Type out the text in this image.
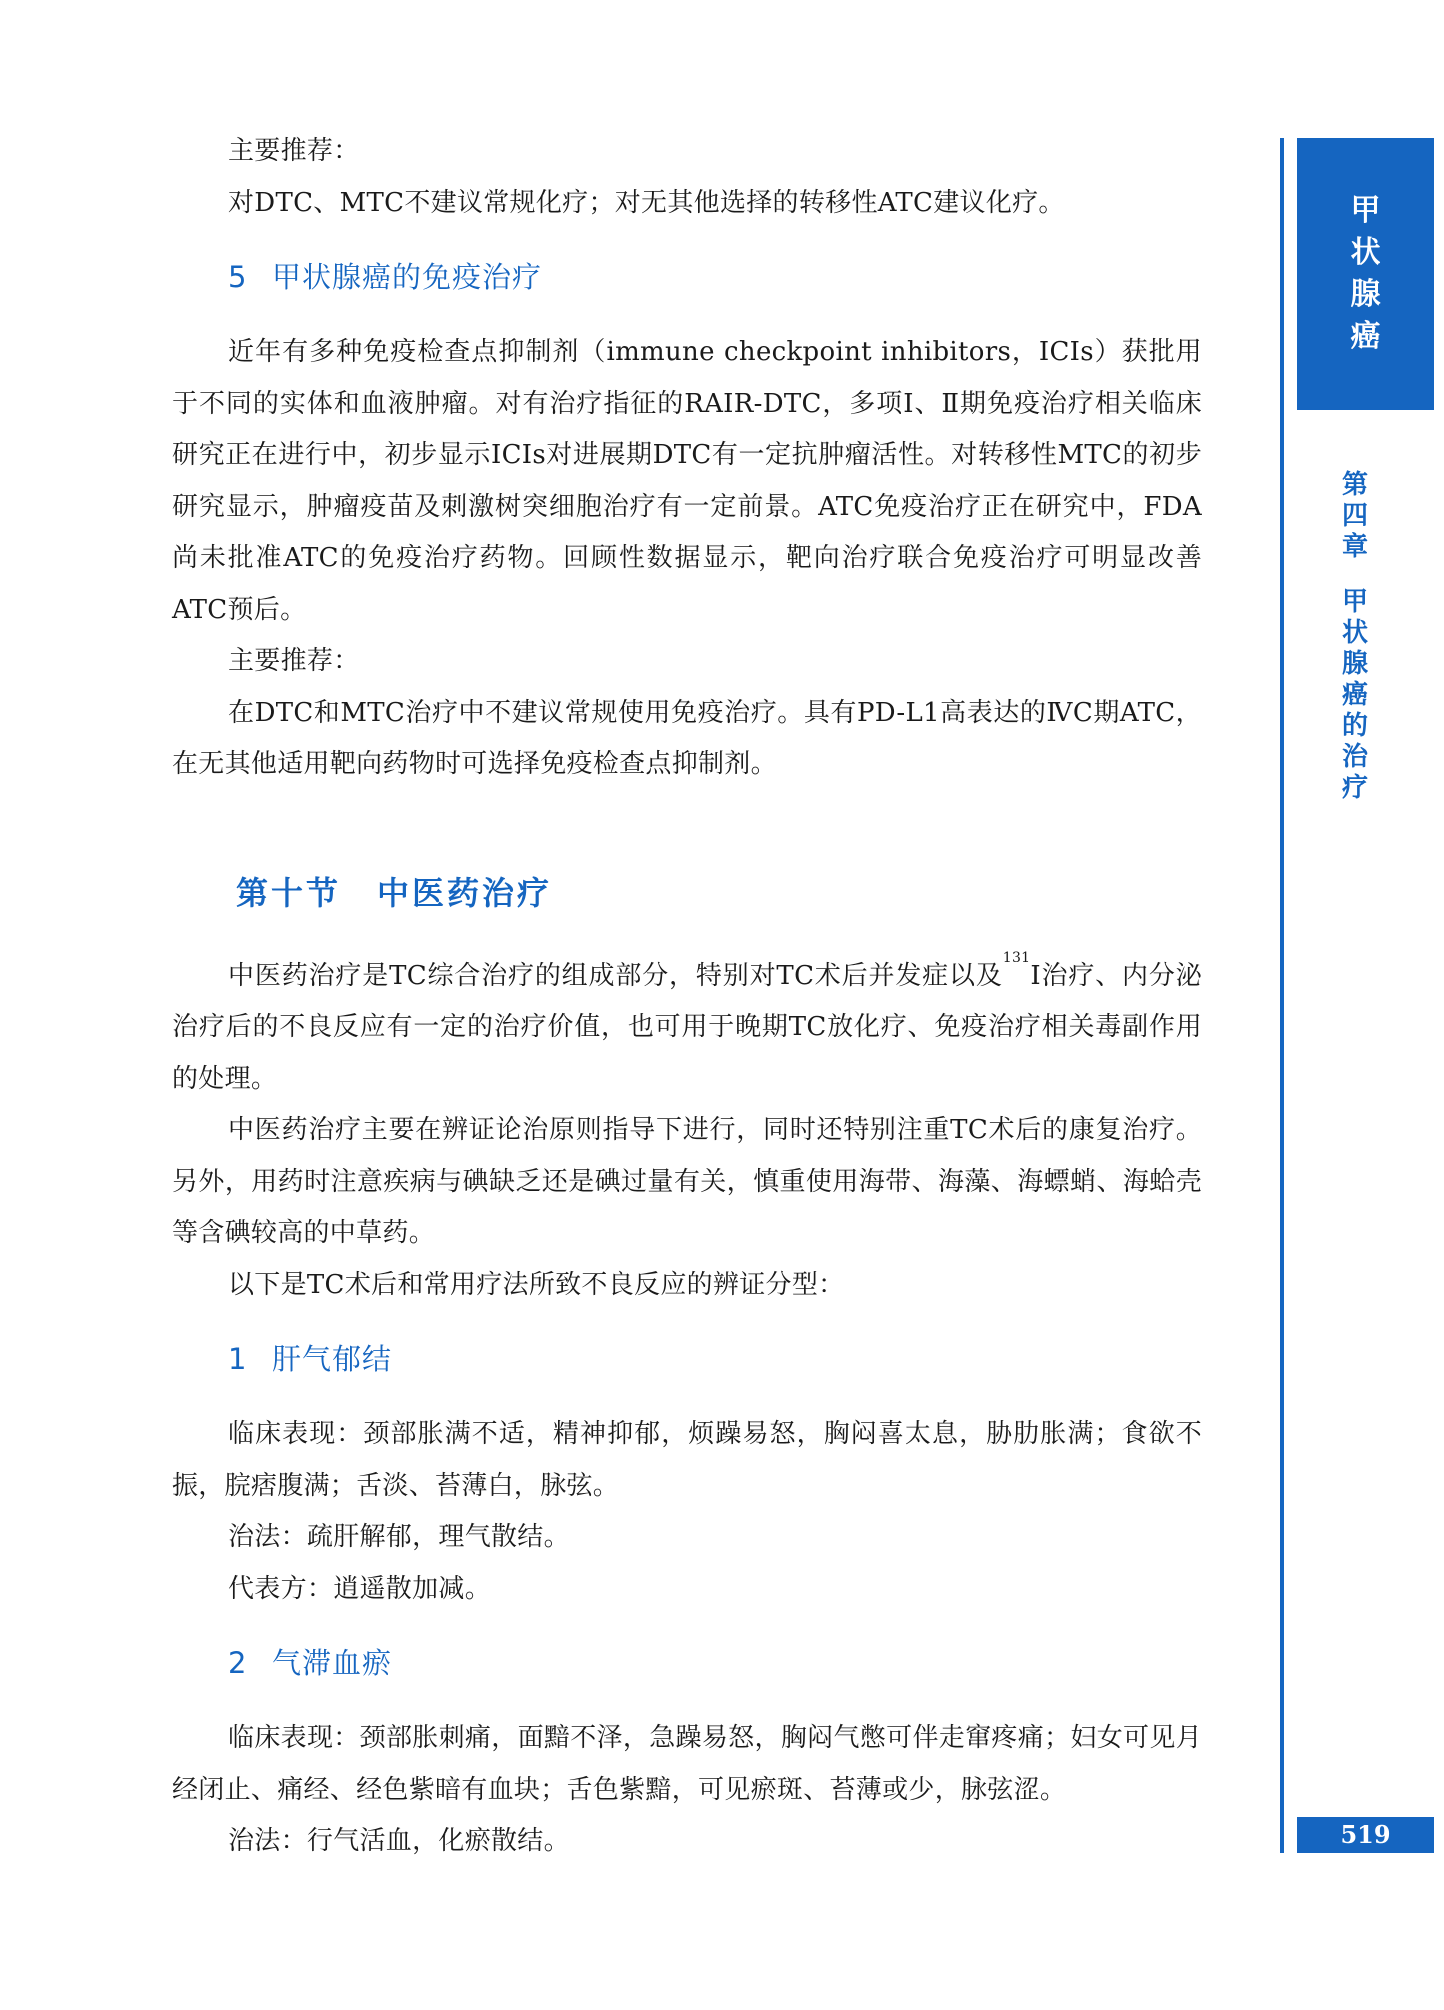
主要推荐：

对DTC、MTC不建议常规化疗；对无其他选择的转移性ATC建议化疗。

5 甲状腺癌的免疫治疗

近年有多种免疫检查点抑制剂（immune checkpoint inhibitors，ICIs）获批用于不同的实体和血液肿瘤。对有治疗指征的RAIR-DTC，多项Ⅰ、Ⅱ期免疫治疗相关临床研究正在进行中，初步显示ICIs对进展期DTC有一定抗肿瘤活性。对转移性MTC的初步研究显示，肿瘤疫苗及刺激树突细胞治疗有一定前景。ATC免疫治疗正在研究中，FDA尚未批准ATC的免疫治疗药物。回顾性数据显示，靶向治疗联合免疫治疗可明显改善ATC预后。

主要推荐：

在DTC和MTC治疗中不建议常规使用免疫治疗。具有PD-L1高表达的ⅣC期ATC，在无其他适用靶向药物时可选择免疫检查点抑制剂。

第十节 中医药治疗

中医药治疗是TC综合治疗的组成部分，特别对TC术后并发症以及$^{131}$I治疗、内分泌治疗后的不良反应有一定的治疗价值，也可用于晚期TC放化疗、免疫治疗相关毒副作用的处理。

中医药治疗主要在辨证论治原则指导下进行，同时还特别注重TC术后的康复治疗。另外，用药时注意疾病与碘缺乏还是碘过量有关，慎重使用海带、海藻、海螵蛸、海蛤壳等含碘较高的中草药。

以下是TC术后和常用疗法所致不良反应的辨证分型：

1 肝气郁结

临床表现：颈部胀满不适，精神抑郁，烦躁易怒，胸闷喜太息，胁肋胀满；食欲不振，脘痞腹满；舌淡、苔薄白，脉弦。

治法：疏肝解郁，理气散结。

代表方：逍遥散加减。

2 气滞血瘀

临床表现：颈部胀刺痛，面黯不泽，急躁易怒，胸闷气憋可伴走窜疼痛；妇女可见月经闭止、痛经、经色紫暗有血块；舌色紫黯，可见瘀斑、苔薄或少，脉弦涩。

治法：行气活血，化瘀散结。

甲
状
腺
癌
第
四
章
甲
状
腺
癌
的
治
疗
519
